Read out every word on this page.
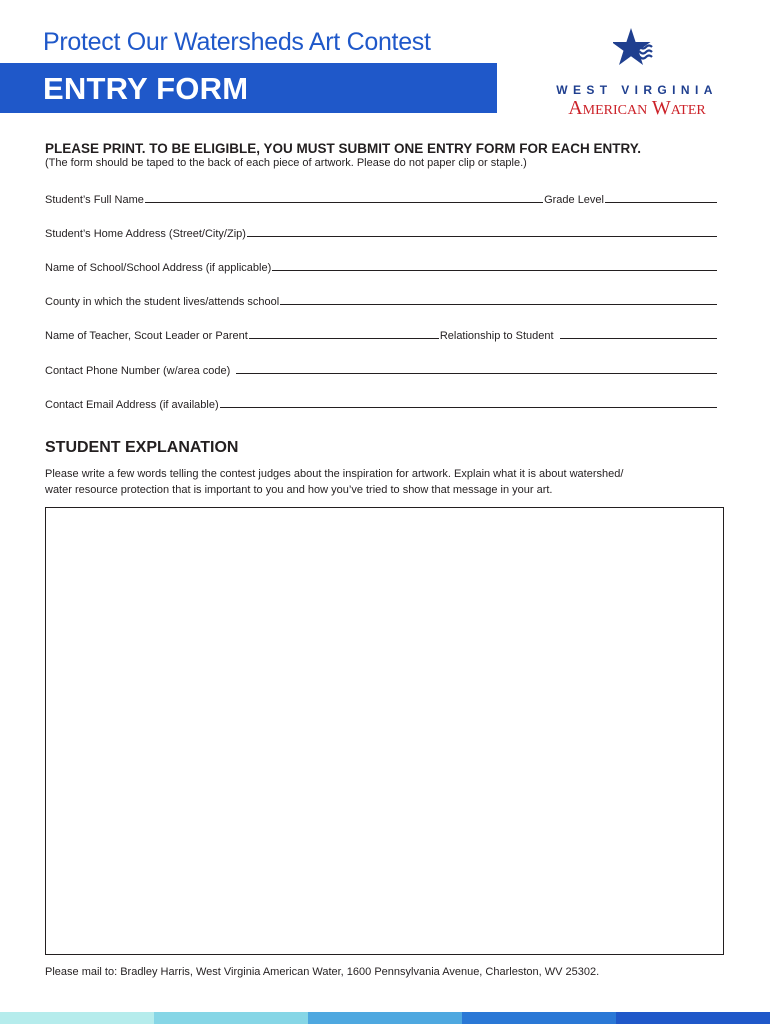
Protect Our Watersheds Art Contest
ENTRY FORM	WEST VIRGINIA
American Water
PLEASE PRINT. TO BE ELIGIBLE, YOU MUST SUBMIT ONE ENTRY FORM FOR EACH ENTRY.
(The form should be taped to the back of each piece of artwork. Please do not paper clip or staple.)
Student’s Full Name	Grade Level
Student’s Home Address (Street/City/Zip)
Name of School/School Address (if applicable)
County in which the student lives/attends school
Name of Teacher, Scout Leader or Parent	Relationship to Student
Contact Phone Number (w/area code)
Contact Email Address (if available)
STUDENT EXPLANATION
Please write a few words telling the contest judges about the inspiration for artwork. Explain what it is about watershed/
water resource protection that is important to you and how you’ve tried to show that message in your art.
Please mail to: Bradley Harris, West Virginia American Water, 1600 Pennsylvania Avenue, Charleston, WV 25302.
